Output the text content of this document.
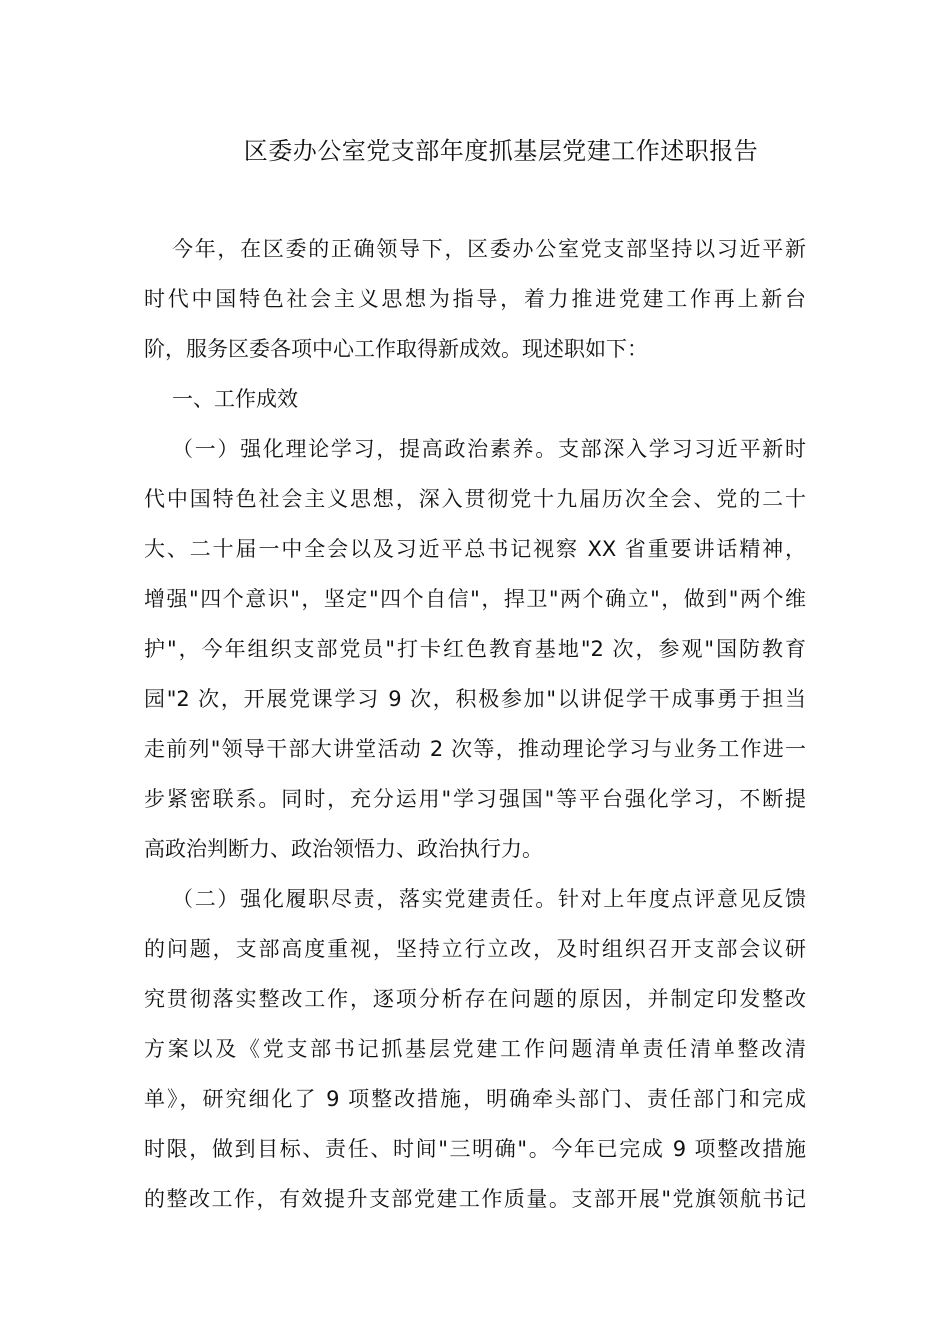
区委办公室党支部年度抓基层党建工作述职报告
今年，在区委的正确领导下，区委办公室党支部坚持以习近平新
时代中国特色社会主义思想为指导，着力推进党建工作再上新台
阶，服务区委各项中心工作取得新成效。现述职如下：
一、工作成效
（一）强化理论学习，提高政治素养。支部深入学习习近平新时
代中国特色社会主义思想，深入贯彻党十九届历次全会、党的二十
大、二十届一中全会以及习近平总书记视察 XX 省重要讲话精神，
增强"四个意识"，坚定"四个自信"，捍卫"两个确立"，做到"两个维
护"，今年组织支部党员"打卡红色教育基地"2 次，参观"国防教育
园"2 次，开展党课学习 9 次，积极参加"以讲促学干成事勇于担当
走前列"领导干部大讲堂活动 2 次等，推动理论学习与业务工作进一
步紧密联系。同时，充分运用"学习强国"等平台强化学习，不断提
高政治判断力、政治领悟力、政治执行力。
（二）强化履职尽责，落实党建责任。针对上年度点评意见反馈
的问题，支部高度重视，坚持立行立改，及时组织召开支部会议研
究贯彻落实整改工作，逐项分析存在问题的原因，并制定印发整改
方案以及《党支部书记抓基层党建工作问题清单责任清单整改清
单》，研究细化了 9 项整改措施，明确牵头部门、责任部门和完成
时限，做到目标、责任、时间"三明确"。今年已完成 9 项整改措施
的整改工作，有效提升支部党建工作质量。支部开展"党旗领航书记
